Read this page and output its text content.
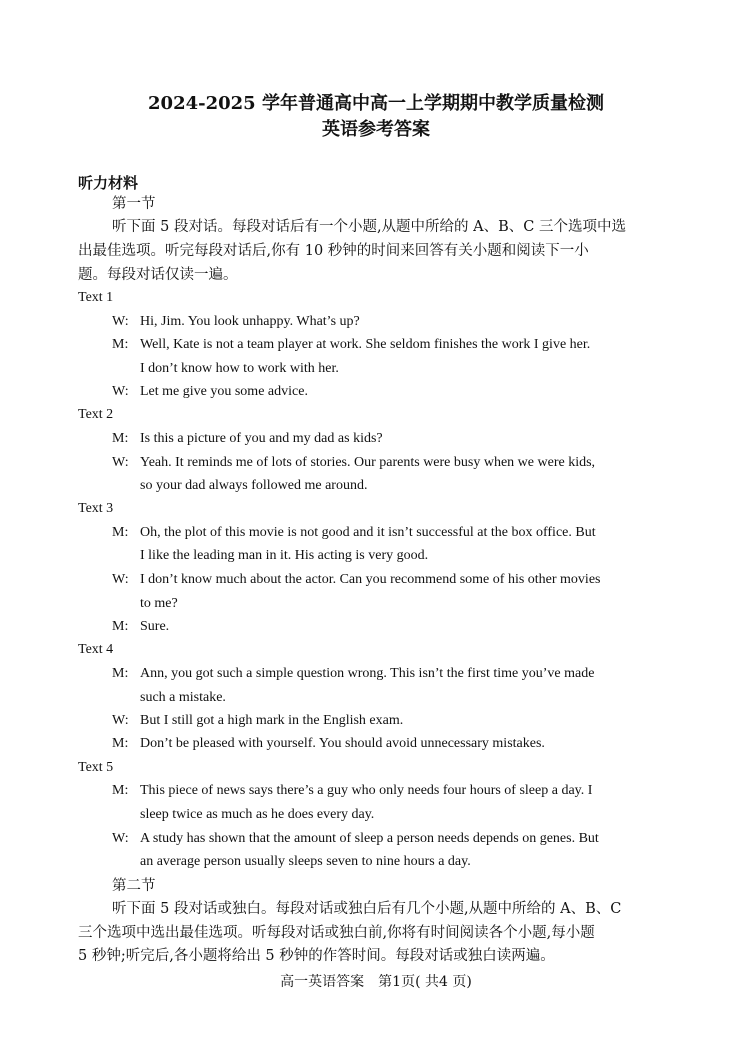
2024-2025 学年普通高中高一上学期期中教学质量检测
英语参考答案
听力材料
第一节
听下面 5 段对话。每段对话后有一个小题,从题中所给的 A、B、C 三个选项中选
出最佳选项。听完每段对话后,你有 10 秒钟的时间来回答有关小题和阅读下一小
题。每段对话仅读一遍。
Text 1
W: Hi, Jim. You look unhappy. What’s up?
M: Well, Kate is not a team player at work. She seldom finishes the work I give her.
I don’t know how to work with her.
W: Let me give you some advice.
Text 2
M: Is this a picture of you and my dad as kids?
W: Yeah. It reminds me of lots of stories. Our parents were busy when we were kids,
so your dad always followed me around.
Text 3
M: Oh, the plot of this movie is not good and it isn’t successful at the box office. But
I like the leading man in it. His acting is very good.
W: I don’t know much about the actor. Can you recommend some of his other movies
to me?
M: Sure.
Text 4
M: Ann, you got such a simple question wrong. This isn’t the first time you’ve made
such a mistake.
W: But I still got a high mark in the English exam.
M: Don’t be pleased with yourself. You should avoid unnecessary mistakes.
Text 5
M: This piece of news says there’s a guy who only needs four hours of sleep a day. I
sleep twice as much as he does every day.
W: A study has shown that the amount of sleep a person needs depends on genes. But
an average person usually sleeps seven to nine hours a day.
第二节
听下面 5 段对话或独白。每段对话或独白后有几个小题,从题中所给的 A、B、C
三个选项中选出最佳选项。听每段对话或独白前,你将有时间阅读各个小题,每小题
5 秒钟;听完后,各小题将给出 5 秒钟的作答时间。每段对话或独白读两遍。
高一英语答案　第1页( 共4 页)
